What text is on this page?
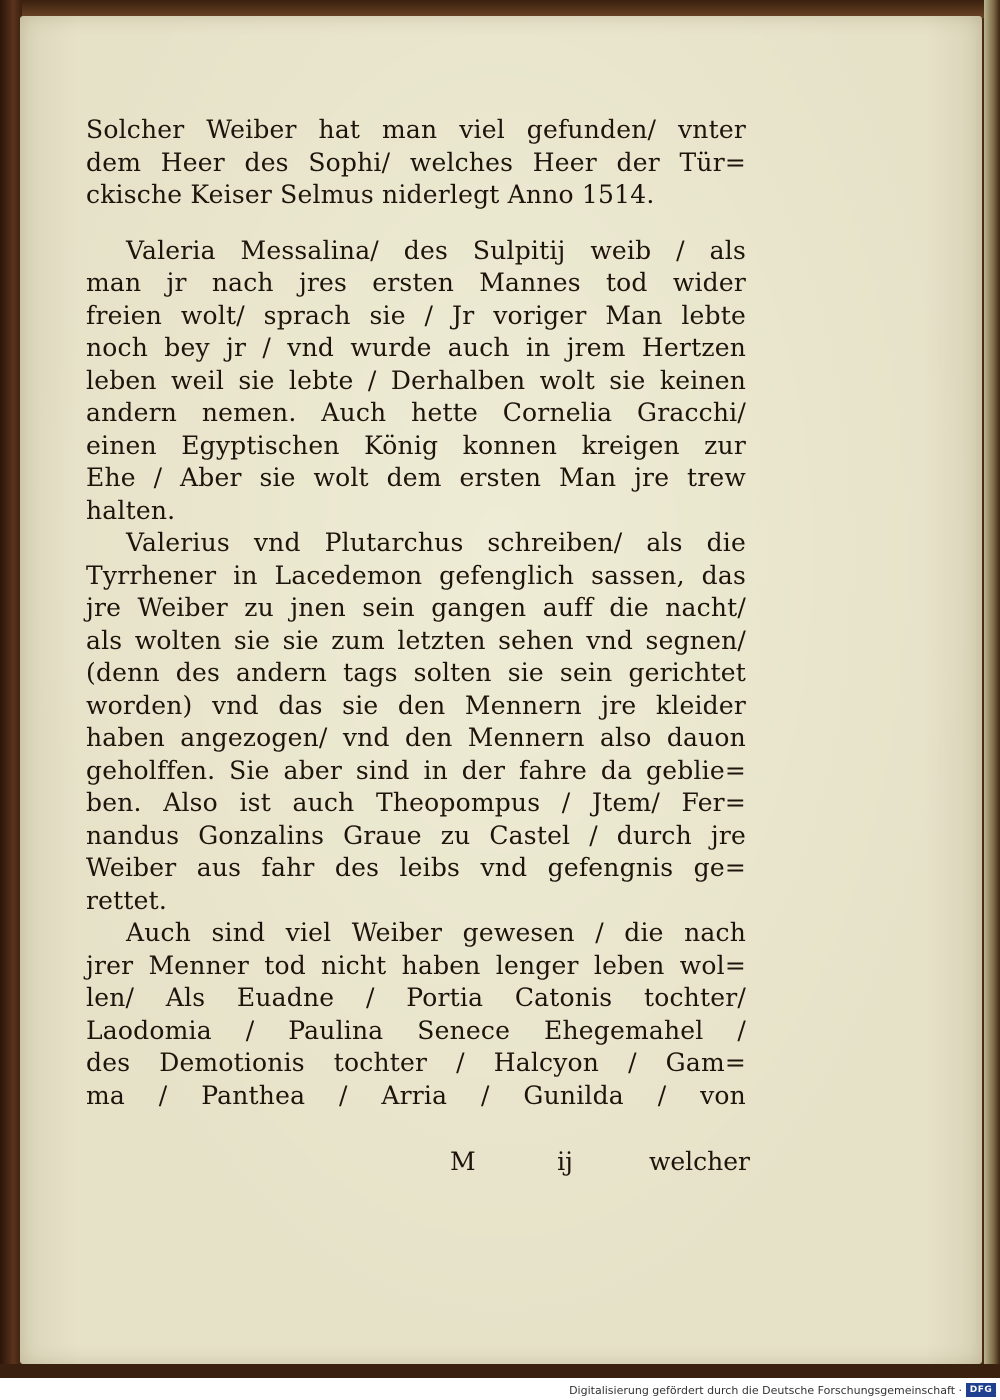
Solcher Weiber hat man viel gefunden/ vnter
dem Heer des Sophi/ welches Heer der Tür=
ckische Keiser Selmus niderlegt Anno 1514.
Valeria Messalina/ des Sulpitij weib / als
man jr nach jres ersten Mannes tod wider
freien wolt/ sprach sie / Jr voriger Man lebte
noch bey jr / vnd wurde auch in jrem Hertzen
leben weil sie lebte / Derhalben wolt sie keinen
andern nemen. Auch hette Cornelia Gracchi/
einen Egyptischen König konnen kreigen zur
Ehe / Aber sie wolt dem ersten Man jre trew
halten.
Valerius vnd Plutarchus schreiben/ als die
Tyrrhener in Lacedemon gefenglich sassen, das
jre Weiber zu jnen sein gangen auff die nacht/
als wolten sie sie zum letzten sehen vnd segnen/
(denn des andern tags solten sie sein gerichtet
worden) vnd das sie den Mennern jre kleider
haben angezogen/ vnd den Mennern also dauon
geholffen. Sie aber sind in der fahre da geblie=
ben. Also ist auch Theopompus / Jtem/ Fer=
nandus Gonzalins Graue zu Castel / durch jre
Weiber aus fahr des leibs vnd gefengnis ge=
rettet.
Auch sind viel Weiber gewesen / die nach
jrer Menner tod nicht haben lenger leben wol=
len/ Als Euadne / Portia Catonis tochter/
Laodomia / Paulina Senece Ehegemahel /
des Demotionis tochter / Halcyon / Gam=
ma / Panthea / Arria / Gunilda / von
M	ij	welcher
Digitalisierung gefördert durch die Deutsche Forschungsgemeinschaft · DFG
